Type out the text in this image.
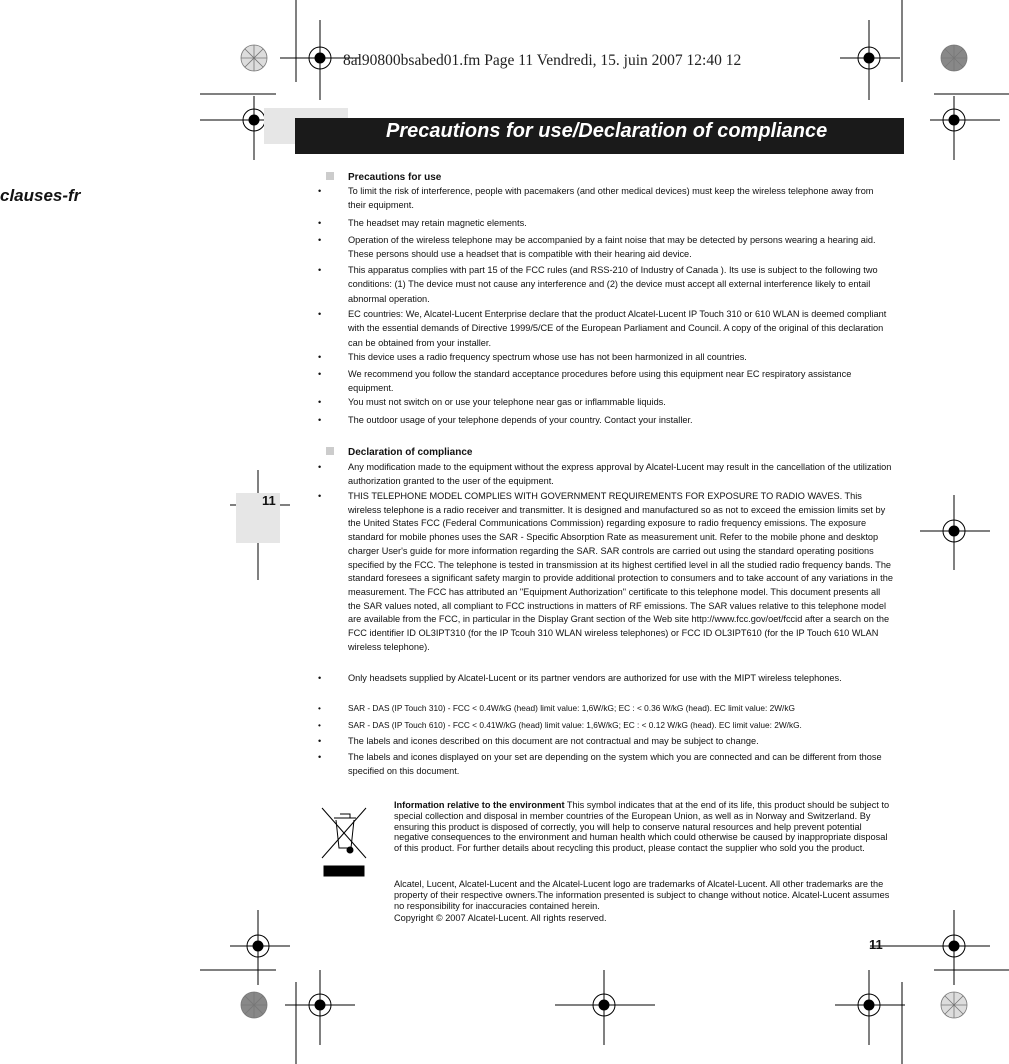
8al90800bsabed01.fm Page 11 Vendredi, 15. juin 2007 12:40 12
Precautions for use/Declaration of compliance
clauses-fr
11
11
Precautions for use
•	To limit the risk of interference, people with pacemakers (and other medical devices) must keep the wireless telephone away from their equipment.
•	The headset may retain magnetic elements.
•	Operation of the wireless telephone may be accompanied by a faint noise that may be detected by persons wearing a hearing aid. These persons should use a headset that is compatible with their hearing aid device.
•	This apparatus complies with part 15 of the FCC rules (and RSS-210 of Industry of Canada ). Its use is subject to the following two conditions: (1) The device must not cause any interference and (2) the device must accept all external interference likely to entail abnormal operation.
•	EC countries: We, Alcatel-Lucent Enterprise declare that the product Alcatel-Lucent IP Touch 310 or 610 WLAN is deemed compliant with the essential demands of Directive 1999/5/CE of the European Parliament and Council. A copy of the original of this declaration can be obtained from your installer.
•	This device uses a radio frequency spectrum whose use has not been harmonized in all countries.
•	We recommend you follow the standard acceptance procedures before using this equipment near EC respiratory assistance equipment.
•	You must not switch on or use your telephone near gas or inflammable liquids.
•	The outdoor usage of your telephone depends of your country. Contact your installer.
Declaration of compliance
•	Any modification made to the equipment without the express approval by Alcatel-Lucent may result in the cancellation of the utilization authorization granted to the user of the equipment.
•	THIS TELEPHONE MODEL COMPLIES WITH GOVERNMENT REQUIREMENTS FOR EXPOSURE TO RADIO WAVES. This wireless telephone is a radio receiver and transmitter. It is designed and manufactured so as not to exceed the emission limits set by the United States FCC (Federal Communications Commission) regarding exposure to radio frequency emissions. The exposure standard for mobile phones uses the SAR - Specific Absorption Rate as measurement unit. Refer to the mobile phone and desktop charger User's guide for more information regarding the SAR. SAR controls are carried out using the standard operating positions specified by the FCC. The telephone is tested in transmission at its highest certified level in all the studied radio frequency bands. The standard foresees a significant safety margin to provide additional protection to consumers and to take account of any variations in the measurement. The FCC has attributed an "Equipment Authorization" certificate to this telephone model. This document presents all the SAR values noted, all compliant to FCC instructions in matters of RF emissions. The SAR values relative to this telephone model are available from the FCC, in particular in the Display Grant section of the Web site http://www.fcc.gov/oet/fccid after a search on the FCC identifier ID OL3IPT310 (for the IP Tcouh 310 WLAN wireless telephones) or FCC ID OL3IPT610 (for the IP Touch 610 WLAN wireless telephone).
•	Only headsets supplied by Alcatel-Lucent or its partner vendors are authorized for use with the MIPT wireless telephones.
•	SAR - DAS (IP Touch 310) - FCC < 0.4W/kG (head) limit value: 1,6W/kG; EC : < 0.36 W/kG (head). EC limit value: 2W/kG
•	SAR - DAS (IP Touch 610) - FCC < 0.41W/kG (head) limit value: 1,6W/kG; EC : < 0.12 W/kG (head). EC limit value: 2W/kG.
•	The labels and icones described on this document are not contractual and may be subject to change.
•	The labels and icones displayed on your set are depending on the system which you are connected and can be different from those specified on this document.
Information relative to the environment This symbol indicates that at the end of its life, this product should be subject to special collection and disposal in member countries of the European Union, as well as in Norway and Switzerland. By ensuring this product is disposed of correctly, you will help to conserve natural resources and help prevent potential negative consequences to the environment and human health which could otherwise be caused by inappropriate disposal of this product. For further details about recycling this product, please contact the supplier who sold you the product.
Alcatel, Lucent, Alcatel-Lucent and the Alcatel-Lucent logo are trademarks of Alcatel-Lucent. All other trademarks are the property of their respective owners.The information presented is subject to change without notice. Alcatel-Lucent assumes no responsibility for inaccuracies contained herein.
Copyright © 2007 Alcatel-Lucent. All rights reserved.
